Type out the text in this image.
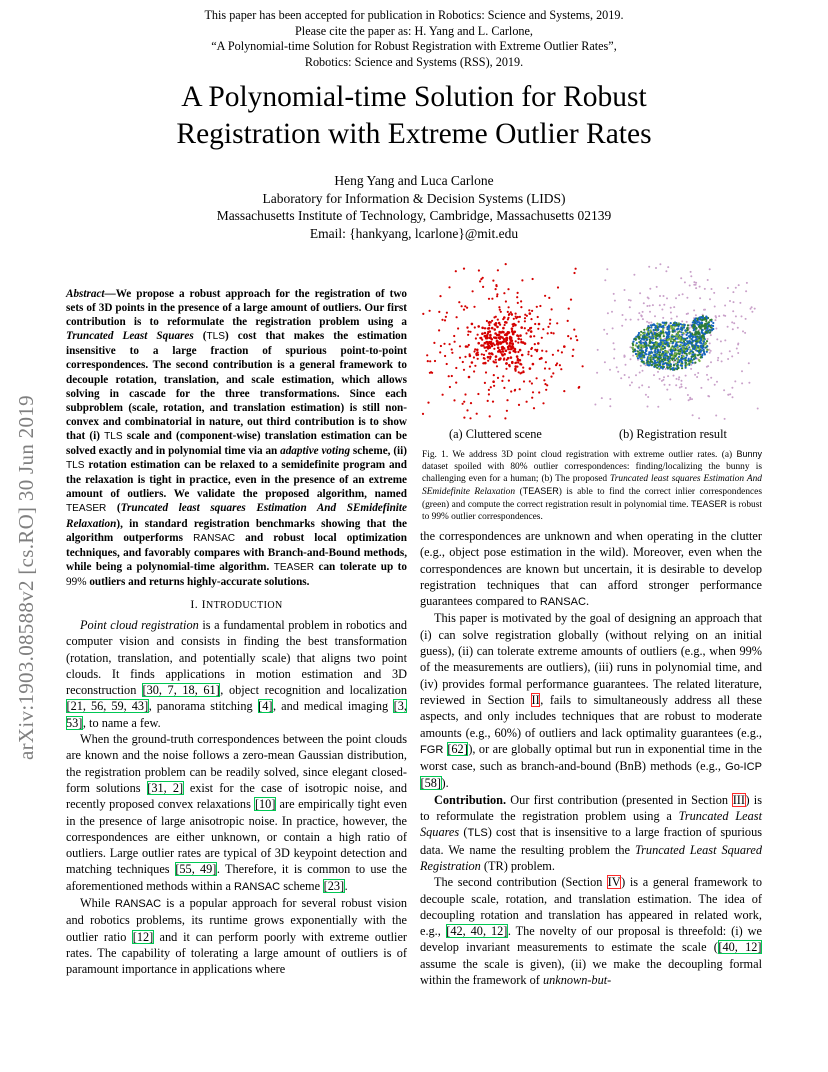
This paper has been accepted for publication in Robotics: Science and Systems, 2019.
Please cite the paper as: H. Yang and L. Carlone,
“A Polynomial-time Solution for Robust Registration with Extreme Outlier Rates”,
Robotics: Science and Systems (RSS), 2019.
A Polynomial-time Solution for Robust
Registration with Extreme Outlier Rates
Heng Yang and Luca Carlone
Laboratory for Information & Decision Systems (LIDS)
Massachusetts Institute of Technology, Cambridge, Massachusetts 02139
Email: {hankyang, lcarlone}@mit.edu
arXiv:1903.08588v2 [cs.RO] 30 Jun 2019
Abstract—We propose a robust approach for the registration of two sets of 3D points in the presence of a large amount of outliers. Our first contribution is to reformulate the registration problem using a Truncated Least Squares (TLS) cost that makes the estimation insensitive to a large fraction of spurious point-to-point correspondences. The second contribution is a general framework to decouple rotation, translation, and scale estimation, which allows solving in cascade for the three transformations. Since each subproblem (scale, rotation, and translation estimation) is still non-convex and combinatorial in nature, out third contribution is to show that (i) TLS scale and (component-wise) translation estimation can be solved exactly and in polynomial time via an adaptive voting scheme, (ii) TLS rotation estimation can be relaxed to a semidefinite program and the relaxation is tight in practice, even in the presence of an extreme amount of outliers. We validate the proposed algorithm, named TEASER (Truncated least squares Estimation And SEmidefinite Relaxation), in standard registration benchmarks showing that the algorithm outperforms RANSAC and robust local optimization techniques, and favorably compares with Branch-and-Bound methods, while being a polynomial-time algorithm. TEASER can tolerate up to 99% outliers and returns highly-accurate solutions.
I. INTRODUCTION

Point cloud registration is a fundamental problem in robotics and computer vision and consists in finding the best transformation (rotation, translation, and potentially scale) that aligns two point clouds. It finds applications in motion estimation and 3D reconstruction [30, 7, 18, 61], object recognition and localization [21, 56, 59, 43], panorama stitching [4], and medical imaging [3, 53], to name a few.

When the ground-truth correspondences between the point clouds are known and the noise follows a zero-mean Gaussian distribution, the registration problem can be readily solved, since elegant closed-form solutions [31, 2] exist for the case of isotropic noise, and recently proposed convex relaxations [10] are empirically tight even in the presence of large anisotropic noise. In practice, however, the correspondences are either unknown, or contain a high ratio of outliers. Large outlier rates are typical of 3D keypoint detection and matching techniques [55, 49]. Therefore, it is common to use the aforementioned methods within a RANSAC scheme [23].

While RANSAC is a popular approach for several robust vision and robotics problems, its runtime grows exponentially with the outlier ratio [12] and it can perform poorly with extreme outlier rates. The capability of tolerating a large amount of outliers is of paramount importance in applications where

(a) Cluttered scene	(b) Registration result
Fig. 1. We address 3D point cloud registration with extreme outlier rates. (a) Bunny dataset spoiled with 80% outlier correspondences: finding/localizing the bunny is challenging even for a human; (b) The proposed Truncated least squares Estimation And SEmidefinite Relaxation (TEASER) is able to find the correct inlier correspondences (green) and compute the correct registration result in polynomial time. TEASER is robust to 99% outlier correspondences.

the correspondences are unknown and when operating in the clutter (e.g., object pose estimation in the wild). Moreover, even when the correspondences are known but uncertain, it is desirable to develop registration techniques that can afford stronger performance guarantees compared to RANSAC.

This paper is motivated by the goal of designing an approach that (i) can solve registration globally (without relying on an initial guess), (ii) can tolerate extreme amounts of outliers (e.g., when 99% of the measurements are outliers), (iii) runs in polynomial time, and (iv) provides formal performance guarantees. The related literature, reviewed in Section II, fails to simultaneously address all these aspects, and only includes techniques that are robust to moderate amounts (e.g., 60%) of outliers and lack optimality guarantees (e.g., FGR [62]), or are globally optimal but run in exponential time in the worst case, such as branch-and-bound (BnB) methods (e.g., Go-ICP [58]).

Contribution. Our first contribution (presented in Section III) is to reformulate the registration problem using a Truncated Least Squares (TLS) cost that is insensitive to a large fraction of spurious data. We name the resulting problem the Truncated Least Squared Registration (TR) problem.

The second contribution (Section IV) is a general framework to decouple scale, rotation, and translation estimation. The idea of decoupling rotation and translation has appeared in related work, e.g., [42, 40, 12]. The novelty of our proposal is threefold: (i) we develop invariant measurements to estimate the scale ([40, 12] assume the scale is given), (ii) we make the decoupling formal within the framework of unknown-but-
